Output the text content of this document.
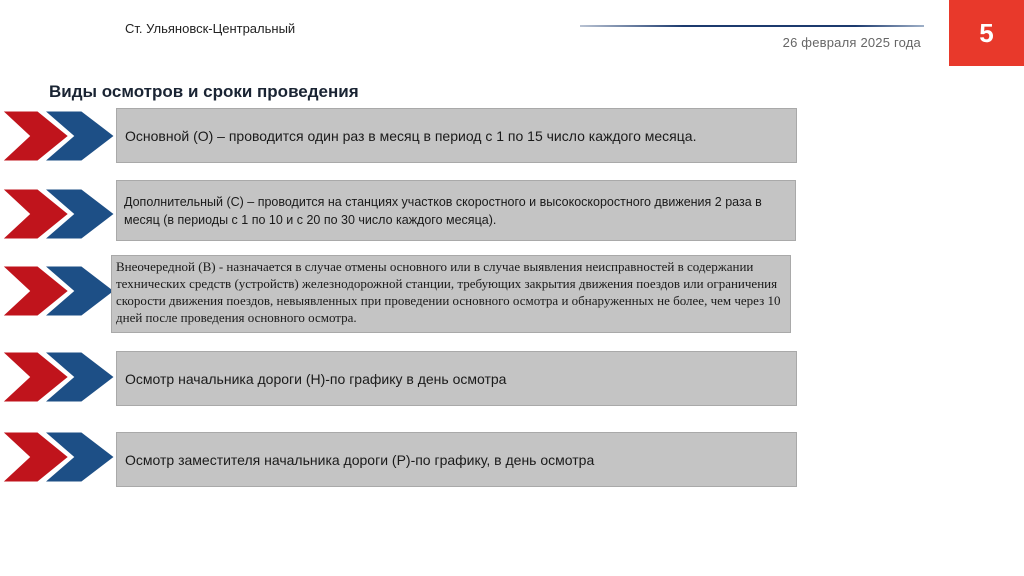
Ст. Ульяновск-Центральный
26 февраля 2025 года	5
Виды осмотров и сроки проведения
Основной (О) – проводится один раз в месяц в период с 1 по 15 число каждого месяца.
Дополнительный (С) – проводится на станциях участков скоростного и высокоскоростного движения 2 раза в месяц (в периоды с 1 по 10 и с 20 по 30 число каждого месяца).
Внеочередной (В) - назначается в случае отмены основного или в случае выявления неисправностей в содержании технических средств (устройств) железнодорожной станции, требующих закрытия движения поездов или ограничения скорости движения поездов, невыявленных при проведении основного осмотра и обнаруженных не более, чем через 10 дней после проведения основного осмотра.
Осмотр начальника дороги (Н)-по графику в день осмотра
Осмотр заместителя начальника дороги (Р)-по графику, в день осмотра
